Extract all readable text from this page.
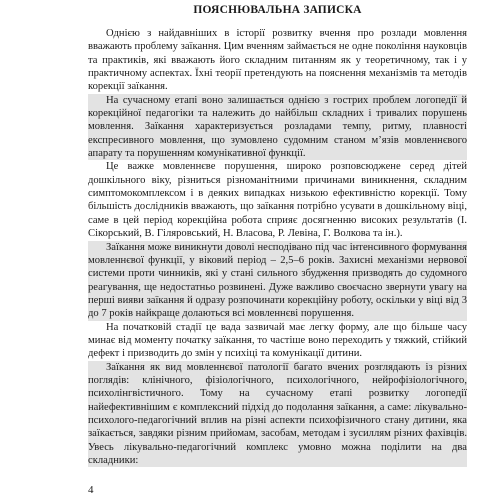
ПОЯСНЮВАЛЬНА ЗАПИСКА

Однією з найдавніших в історії розвитку вчення про розлади мовлення вважають проблему заїкання. Цим вченням займається не одне покоління науковців та практиків, які вважають його складним питанням як у теоретичному, так і у практичному аспектах. Їхні теорії претендують на пояснення механізмів та методів корекції заїкання.

На сучасному етапі воно залишається однією з гострих проблем логопедії й корекційної педагогіки та належить до найбільш складних і тривалих порушень мовлення. Заїкання характеризується розладами темпу, ритму, плавності експресивного мовлення, що зумовлено судомним станом м’язів мовленнєвого апарату та порушенням комунікативної функції.

Це важке мовленнєве порушення, широко розповсюджене серед дітей дошкільного віку, різниться різноманітними причинами виникнення, складним симптомокомплексом і в деяких випадках низькою ефективністю корекції. Тому більшість дослідників вважають, що заїкання потрібно усувати в дошкільному віці, саме в цей період корекційна робота сприяє досягненню високих результатів (І. Сікорський, В. Гіляровський, Н. Власова, Р. Левіна, Г. Волкова та ін.).

Заїкання може виникнути доволі несподівано під час інтенсивного формування мовленнєвої функції, у віковий період – 2,5–6 років. Захисні механізми нервової системи проти чинників, які у стані сильного збудження призводять до судомного реагування, ще недостатньо розвинені. Дуже важливо своєчасно звернути увагу на перші вияви заїкання й одразу розпочинати корекційну роботу, оскільки у віці від 3 до 7 років найкраще долаються всі мовленнєві порушення.

На початковій стадії це вада зазвичай має легку форму, але що більше часу минає від моменту початку заїкання, то частіше воно переходить у тяжкий, стійкий дефект і призводить до змін у психіці та комунікації дитини.

Заїкання як вид мовленнєвої патології багато вчених розглядають із різних поглядів: клінічного, фізіологічного, психологічного, нейрофізіологічного, психолінгвістичного. Тому на сучасному етапі розвитку логопедії найефективнішим є комплексний підхід до подолання заїкання, а саме: лікувально-психолого-педагогічний вплив на різні аспекти психофізичного стану дитини, яка заїкається, завдяки різним прийомам, засобам, методам і зусиллям різних фахівців. Увесь лікувально-педагогічний комплекс умовно можна поділити на два складники:

4
